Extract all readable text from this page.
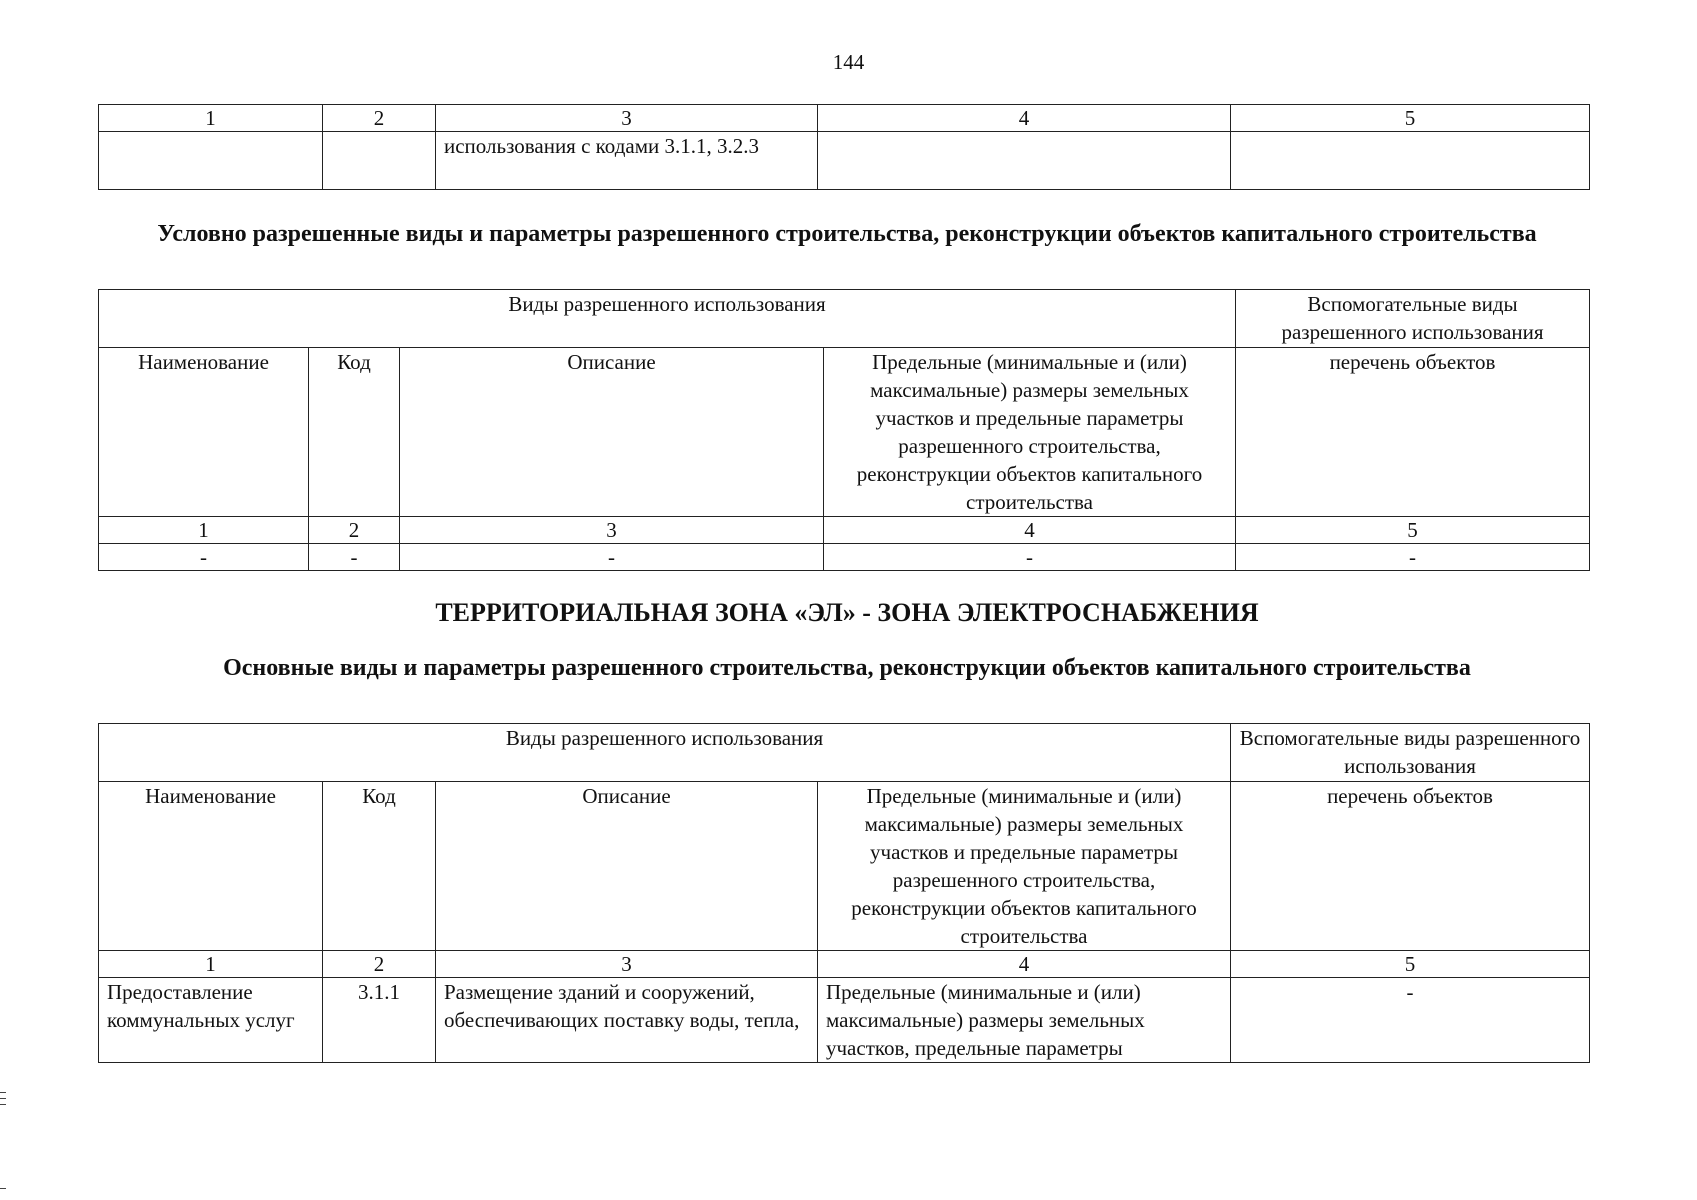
144
1	2	3	4	5
		использования с кодами 3.1.1, 3.2.3		
Условно разрешенные виды и параметры разрешенного строительства, реконструкции объектов капитального строительства
Виды разрешенного использования				Вспомогательные виды разрешенного использования
Наименование	Код	Описание	Предельные (минимальные и (или) максимальные) размеры земельных участков и предельные параметры разрешенного строительства, реконструкции объектов капитального строительства	перечень объектов
1	2	3	4	5
-	-	-	-	-
ТЕРРИТОРИАЛЬНАЯ ЗОНА «ЭЛ» - ЗОНА ЭЛЕКТРОСНАБЖЕНИЯ
Основные виды и параметры разрешенного строительства, реконструкции объектов капитального строительства
Виды разрешенного использования				Вспомогательные виды разрешенного использования
Наименование	Код	Описание	Предельные (минимальные и (или) максимальные) размеры земельных участков и предельные параметры разрешенного строительства, реконструкции объектов капитального строительства	перечень объектов
1	2	3	4	5
Предоставление коммунальных услуг	3.1.1	Размещение зданий и сооружений, обеспечивающих поставку воды, тепла,	Предельные (минимальные и (или) максимальные) размеры земельных участков, предельные параметры	-
